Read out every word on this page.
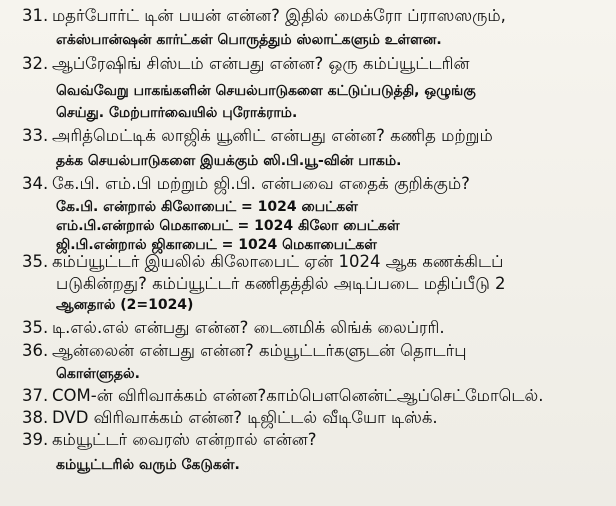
31. மதர்போர்ட் டின் பயன் என்ன? இதில் மைக்ரோ ப்ராஸஸரும்,
எக்ஸ்பான்ஷன் கார்ட்கள் பொருத்தும் ஸ்லாட்களும் உள்ளன.
32. ஆப்ரேஷிங் சிஸ்டம் என்பது என்ன? ஒரு கம்ப்யூட்டரின்
வெவ்வேறு பாகங்களின் செயல்பாடுகளை கட்டுப்படுத்தி, ஒழுங்கு
செய்து. மேற்பார்வையில் புரோக்ராம்.
33. அரித்மெட்டிக் லாஜிக் யூனிட் என்பது என்ன? கணித மற்றும்
தக்க செயல்பாடுகளை இயக்கும் ஸி.பி.யூ-வின் பாகம்.
34. கே.பி. எம்.பி மற்றும் ஜி.பி. என்பவை எதைக் குறிக்கும்?
கே.பி. என்றால் கிலோபைட் = 1024 பைட்கள்
எம்.பி.என்றால் மெகாபைட் = 1024 கிலோ பைட்கள்
ஜி.பி.என்றால் ஜிகாபைட் = 1024 மெகாபைட்கள்
35. கம்ப்யூட்டர் இயலில் கிலோபைட் ஏன் 1024 ஆக கணக்கிடப்
படுகின்றது? கம்ப்யூட்டர் கணிதத்தில் அடிப்படை மதிப்பீடு 2
ஆனதால் (2=1024)
35. டி.எல்.எல் என்பது என்ன? டைனமிக் லிங்க் லைப்ரரி.
36. ஆன்லைன் என்பது என்ன? கம்யூட்டர்களுடன் தொடர்பு
கொள்ளுதல்.
37. COM-ன் விரிவாக்கம் என்ன?காம்பௌனென்ட்ஆப்செட்மோடெல்.
38. DVD விரிவாக்கம் என்ன? டிஜிட்டல் வீடியோ டிஸ்க்.
39. கம்யூட்டர் வைரஸ் என்றால் என்ன?
கம்யூட்டரில் வரும் கேடுகள்.
